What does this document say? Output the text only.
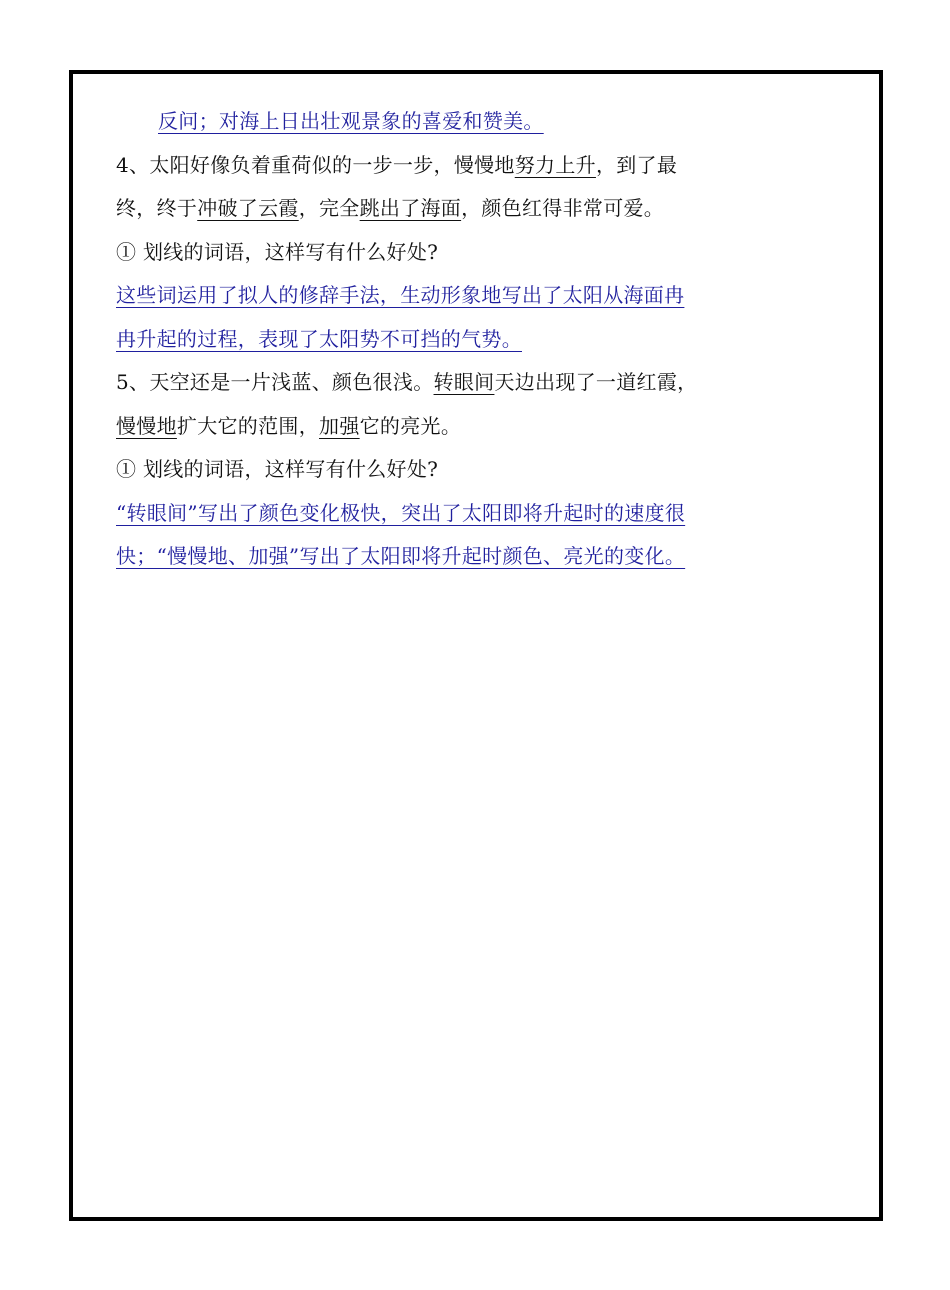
反问；对海上日出壮观景象的喜爱和赞美。
4、太阳好像负着重荷似的一步一步，慢慢地努力上升，到了最
终，终于冲破了云霞，完全跳出了海面，颜色红得非常可爱。
① 划线的词语，这样写有什么好处?
这些词运用了拟人的修辞手法，生动形象地写出了太阳从海面冉
冉升起的过程，表现了太阳势不可挡的气势。
5、天空还是一片浅蓝、颜色很浅。转眼间天边出现了一道红霞，
慢慢地扩大它的范围，加强它的亮光。
① 划线的词语，这样写有什么好处?
“转眼间”写出了颜色变化极快，突出了太阳即将升起时的速度很
快；“慢慢地、加强”写出了太阳即将升起时颜色、亮光的变化。
